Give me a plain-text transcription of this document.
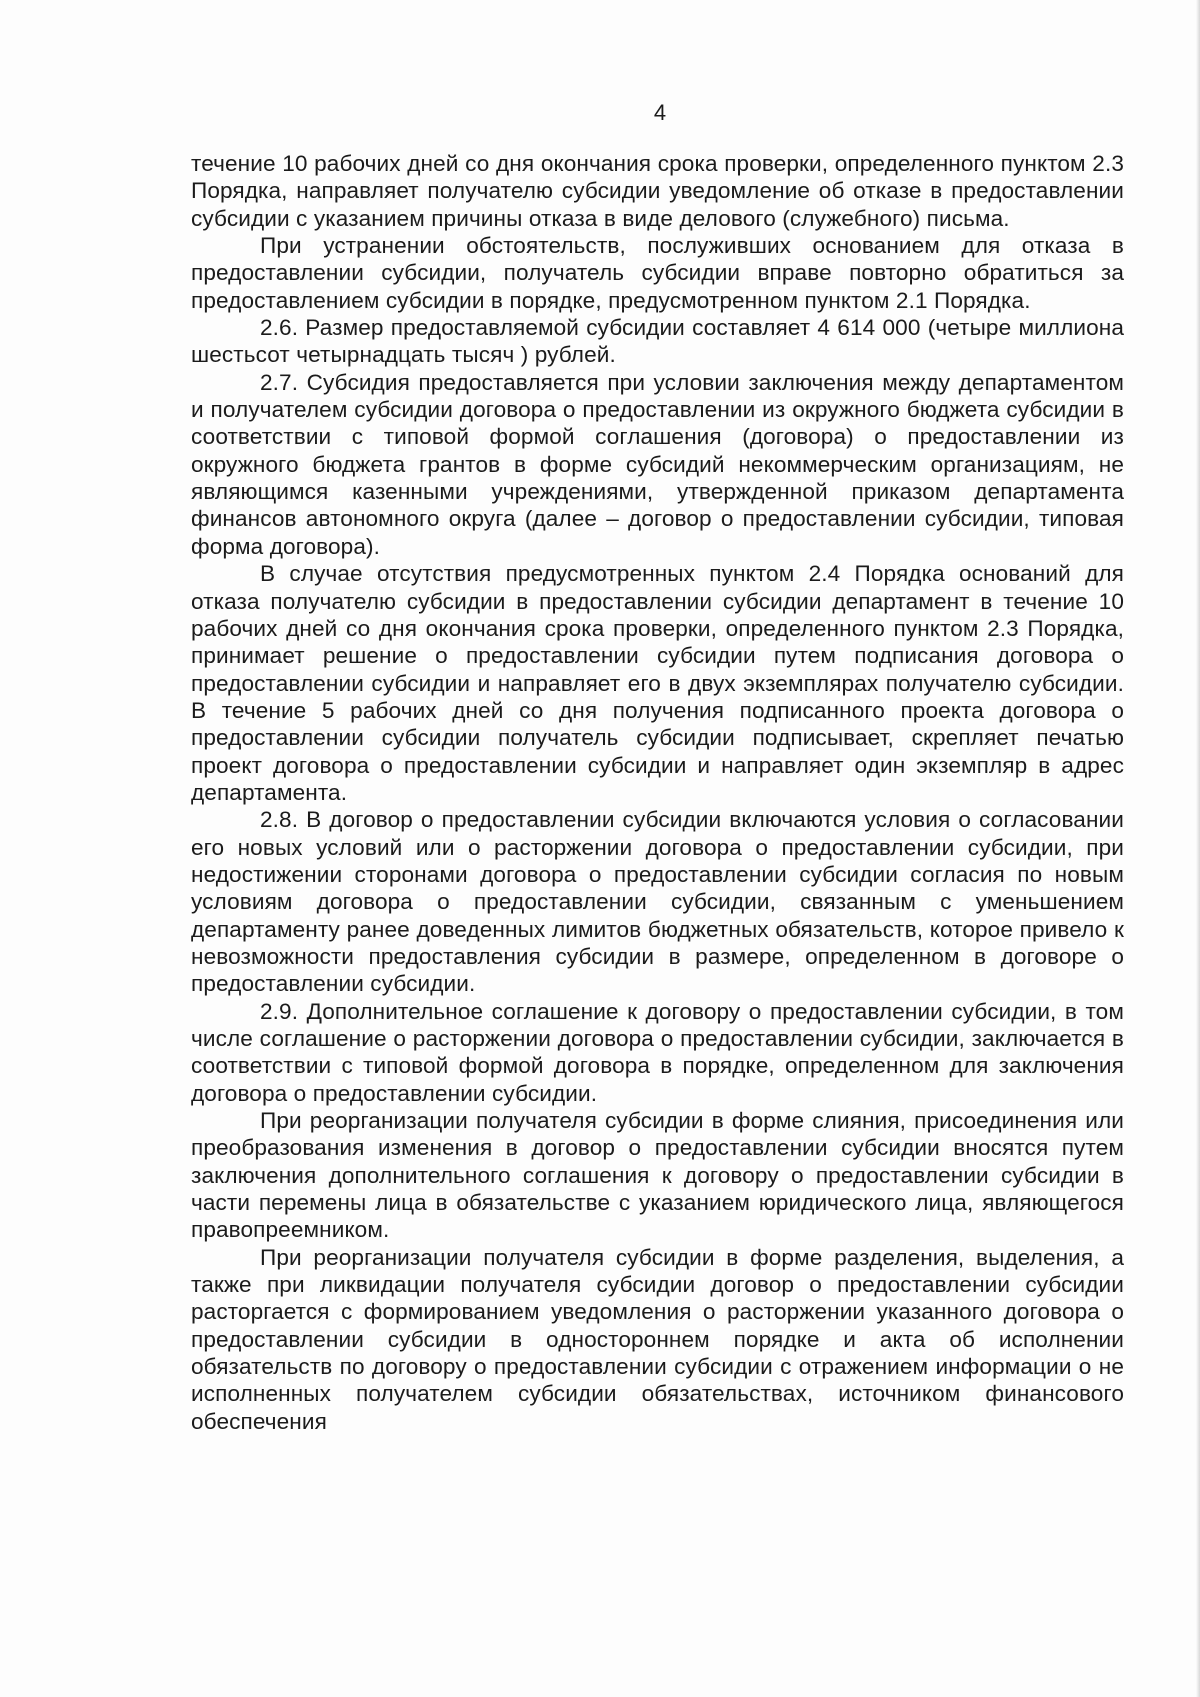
4

течение 10 рабочих дней со дня окончания срока проверки, определенного пунктом 2.3 Порядка, направляет получателю субсидии уведомление об отказе в предоставлении субсидии с указанием причины отказа в виде делового (служебного) письма.

При устранении обстоятельств, послуживших основанием для отказа в предоставлении субсидии, получатель субсидии вправе повторно обратиться за предоставлением субсидии в порядке, предусмотренном пунктом 2.1 Порядка.

2.6. Размер предоставляемой субсидии составляет 4 614 000 (четыре миллиона шестьсот четырнадцать тысяч ) рублей.

2.7. Субсидия предоставляется при условии заключения между департаментом и получателем субсидии договора о предоставлении из окружного бюджета субсидии в соответствии с типовой формой соглашения (договора) о предоставлении из окружного бюджета грантов в форме субсидий некоммерческим организациям, не являющимся казенными учреждениями, утвержденной приказом департамента финансов автономного округа (далее – договор о предоставлении субсидии, типовая форма договора).

В случае отсутствия предусмотренных пунктом 2.4 Порядка оснований для отказа получателю субсидии в предоставлении субсидии департамент в течение 10 рабочих дней со дня окончания срока проверки, определенного пунктом 2.3 Порядка, принимает решение о предоставлении субсидии путем подписания договора о предоставлении субсидии и направляет его в двух экземплярах получателю субсидии. В течение 5 рабочих дней со дня получения подписанного проекта договора о предоставлении субсидии получатель субсидии подписывает, скрепляет печатью проект договора о предоставлении субсидии и направляет один экземпляр в адрес департамента.

2.8. В договор о предоставлении субсидии включаются условия о согласовании его новых условий или о расторжении договора о предоставлении субсидии, при недостижении сторонами договора о предоставлении субсидии согласия по новым условиям договора о предоставлении субсидии, связанным с уменьшением департаменту ранее доведенных лимитов бюджетных обязательств, которое привело к невозможности предоставления субсидии в размере, определенном в договоре о предоставлении субсидии.

2.9. Дополнительное соглашение к договору о предоставлении субсидии, в том числе соглашение о расторжении договора о предоставлении субсидии, заключается в соответствии с типовой формой договора в порядке, определенном для заключения договора о предоставлении субсидии.

При реорганизации получателя субсидии в форме слияния, присоединения или преобразования изменения в договор о предоставлении субсидии вносятся путем заключения дополнительного соглашения к договору о предоставлении субсидии в части перемены лица в обязательстве с указанием юридического лица, являющегося правопреемником.

При реорганизации получателя субсидии в форме разделения, выделения, а также при ликвидации получателя субсидии договор о предоставлении субсидии расторгается с формированием уведомления о расторжении указанного договора о предоставлении субсидии в одностороннем порядке и акта об исполнении обязательств по договору о предоставлении субсидии с отражением информации о не исполненных получателем субсидии обязательствах, источником финансового обеспечения
